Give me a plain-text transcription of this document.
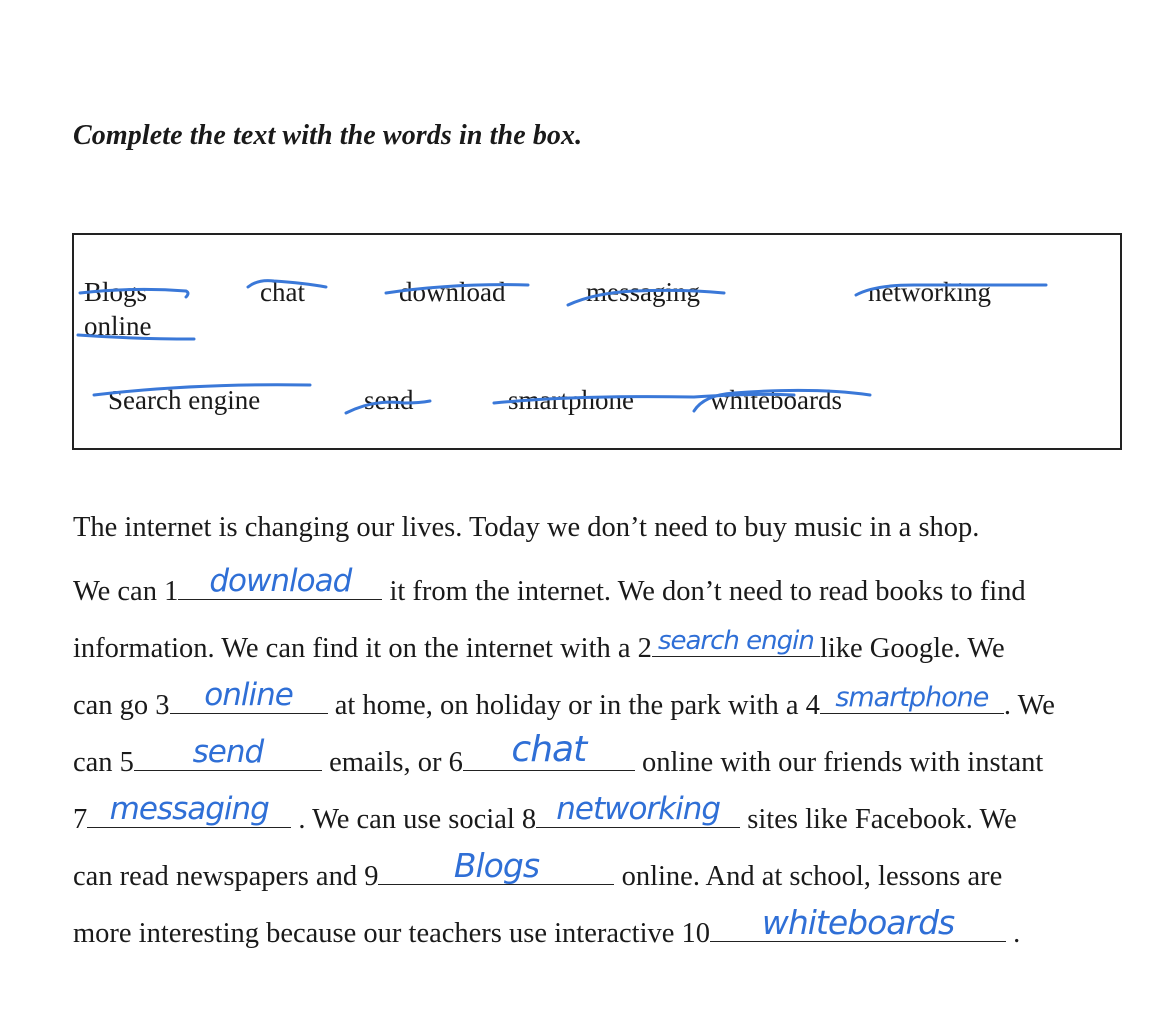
Complete the text with the words in the box.
Blogs	chat	download	messaging	networking
online
Search engine	send	smartphone	whiteboards
The internet is changing our lives. Today we don’t need to buy music in a shop.
We can 1	download	it from the internet. We don’t need to read books to find
information. We can find it on the internet with a 2 search engin like Google. We
can go 3	online	at home, on holiday or in the park with a 4 smartphone . We
can 5	send	emails, or 6	chat	online with our friends with instant
7 messaging . We can use social 8 networking sites like Facebook. We
can read newspapers and 9	Blogs	online. And at school, lessons are
more interesting because our teachers use interactive 10	whiteboards	.
